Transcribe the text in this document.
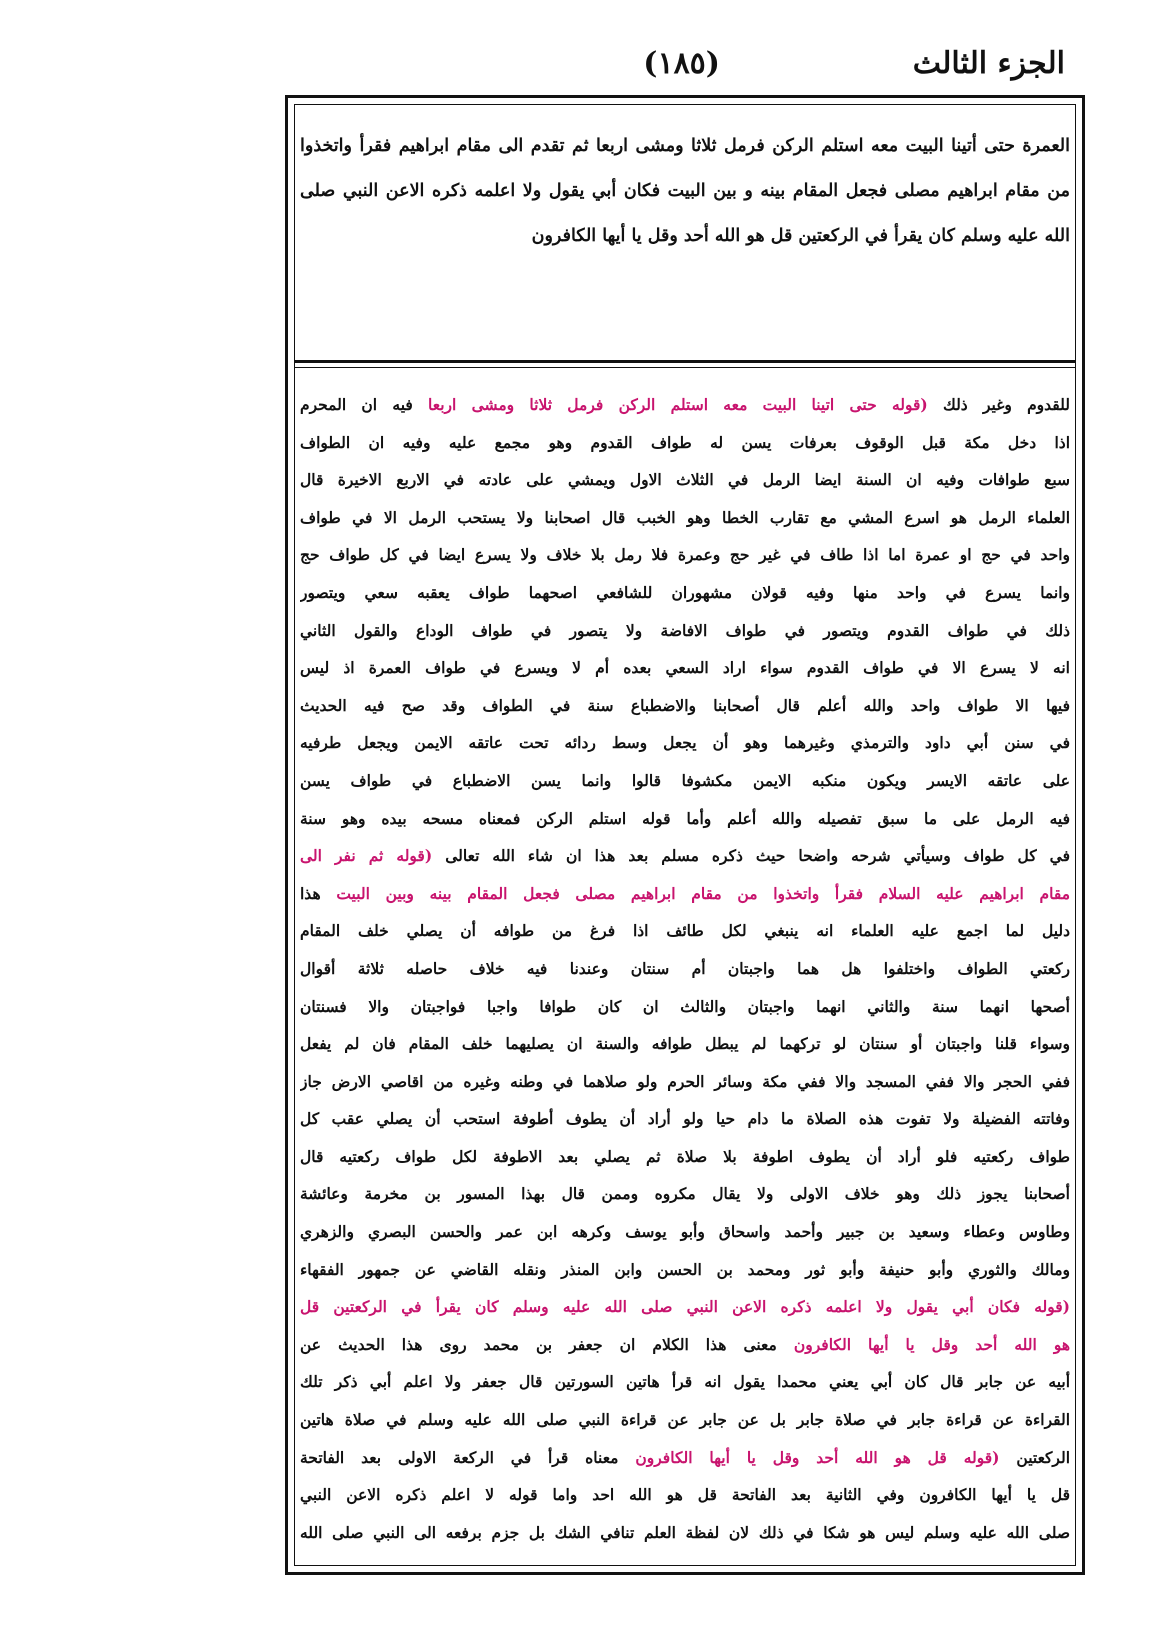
الجزء الثالث
(١٨٥)
العمرة حتى أتينا البيت معه استلم الركن فرمل ثلاثا ومشى اربعا ثم تقدم الى مقام ابراهيم فقرأ واتخذوا من مقام ابراهيم مصلى فجعل المقام بينه و بين البيت فكان أبي يقول ولا اعلمه ذكره الاعن النبي صلى الله عليه وسلم كان يقرأ في الركعتين قل هو الله أحد وقل يا أيها الكافرون
للقدوم وغير ذلك (قوله حتى اتينا البيت معه استلم الركن فرمل ثلاثا ومشى اربعا فيه ان المحرم
اذا دخل مكة قبل الوقوف بعرفات يسن له طواف القدوم وهو مجمع عليه وفيه ان الطواف
سبع طوافات وفيه ان السنة ايضا الرمل في الثلاث الاول ويمشي على عادته في الاربع الاخيرة قال
العلماء الرمل هو اسرع المشي مع تقارب الخطا وهو الخبب قال اصحابنا ولا يستحب الرمل الا في طواف
واحد في حج او عمرة اما اذا طاف في غير حج وعمرة فلا رمل بلا خلاف ولا يسرع ايضا في كل طواف حج
وانما يسرع في واحد منها وفيه قولان مشهوران للشافعي اصحهما طواف يعقبه سعي ويتصور
ذلك في طواف القدوم ويتصور في طواف الافاضة ولا يتصور في طواف الوداع والقول الثاني
انه لا يسرع الا في طواف القدوم سواء اراد السعي بعده أم لا ويسرع في طواف العمرة اذ ليس
فيها الا طواف واحد والله أعلم قال أصحابنا والاضطباع سنة في الطواف وقد صح فيه الحديث
في سنن أبي داود والترمذي وغيرهما وهو أن يجعل وسط ردائه تحت عاتقه الايمن ويجعل طرفيه
على عاتقه الايسر ويكون منكبه الايمن مكشوفا قالوا وانما يسن الاضطباع في طواف يسن
فيه الرمل على ما سبق تفصيله والله أعلم وأما قوله استلم الركن فمعناه مسحه بيده وهو سنة
في كل طواف وسيأتي شرحه واضحا حيث ذكره مسلم بعد هذا ان شاء الله تعالى (قوله ثم نفر الى
مقام ابراهيم عليه السلام فقرأ واتخذوا من مقام ابراهيم مصلى فجعل المقام بينه وبين البيت هذا
دليل لما اجمع عليه العلماء انه ينبغي لكل طائف اذا فرغ من طوافه أن يصلي خلف المقام
ركعتي الطواف واختلفوا هل هما واجبتان أم سنتان وعندنا فيه خلاف حاصله ثلاثة أقوال
أصحها انهما سنة والثاني انهما واجبتان والثالث ان كان طوافا واجبا فواجبتان والا فسنتان
وسواء قلنا واجبتان أو سنتان لو تركهما لم يبطل طوافه والسنة ان يصليهما خلف المقام فان لم يفعل
ففي الحجر والا ففي المسجد والا ففي مكة وسائر الحرم ولو صلاهما في وطنه وغيره من اقاصي الارض جاز
وفاتته الفضيلة ولا تفوت هذه الصلاة ما دام حيا ولو أراد أن يطوف أطوفة استحب أن يصلي عقب كل
طواف ركعتيه فلو أراد أن يطوف اطوفة بلا صلاة ثم يصلي بعد الاطوفة لكل طواف ركعتيه قال
أصحابنا يجوز ذلك وهو خلاف الاولى ولا يقال مكروه وممن قال بهذا المسور بن مخرمة وعائشة
وطاوس وعطاء وسعيد بن جبير وأحمد واسحاق وأبو يوسف وكرهه ابن عمر والحسن البصري والزهري
ومالك والثوري وأبو حنيفة وأبو ثور ومحمد بن الحسن وابن المنذر ونقله القاضي عن جمهور الفقهاء
(قوله فكان أبي يقول ولا اعلمه ذكره الاعن النبي صلى الله عليه وسلم كان يقرأ في الركعتين قل
هو الله أحد وقل يا أيها الكافرون معنى هذا الكلام ان جعفر بن محمد روى هذا الحديث عن
أبيه عن جابر قال كان أبي يعني محمدا يقول انه قرأ هاتين السورتين قال جعفر ولا اعلم أبي ذكر تلك
القراءة عن قراءة جابر في صلاة جابر بل عن جابر عن قراءة النبي صلى الله عليه وسلم في صلاة هاتين
الركعتين (قوله قل هو الله أحد وقل يا أيها الكافرون معناه قرأ في الركعة الاولى بعد الفاتحة
قل يا أيها الكافرون وفي الثانية بعد الفاتحة قل هو الله احد واما قوله لا اعلم ذكره الاعن النبي
صلى الله عليه وسلم ليس هو شكا في ذلك لان لفظة العلم تنافي الشك بل جزم برفعه الى النبي صلى الله
